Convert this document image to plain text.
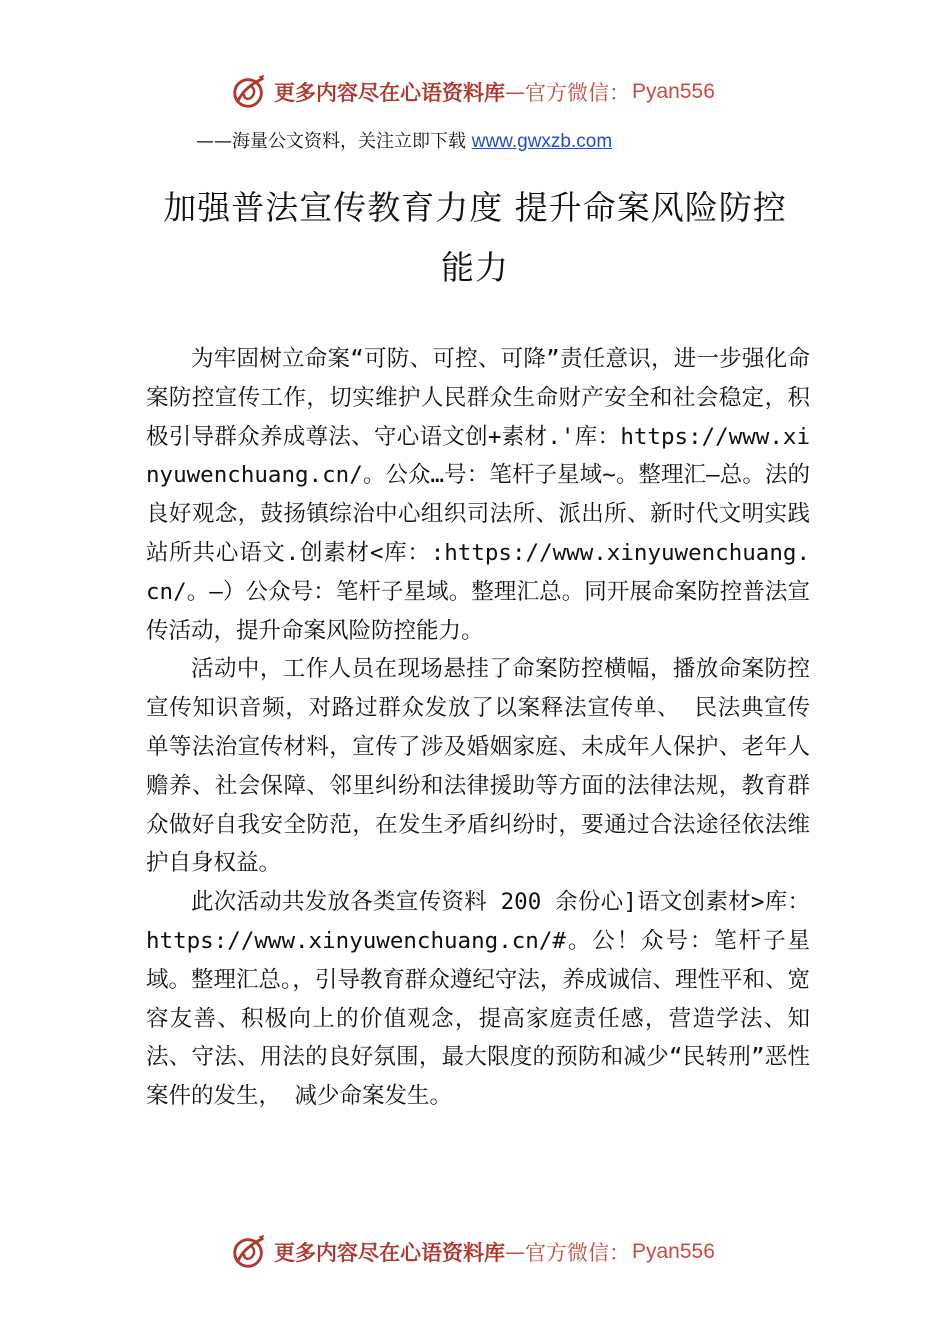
更多内容尽在心语资料库 — 官方微信： Pyan556
——海量公文资料，关注立即下载 www.gwxzb.com
加强普法宣传教育力度 提升命案风险防控
能力

为牢固树立命案“可防、可控、可降”责任意识，进一步强化命案防控宣传工作，切实维护人民群众生命财产安全和社会稳定，积极引导群众养成尊法、守心语文创+素材.'库：https://www.xinyuwenchuang.cn/。公众…号：笔杆子星域~。整理汇—总。法的良好观念，鼓扬镇综治中心组织司法所、派出所、新时代文明实践站所共心语文.创素材<库：:https://www.xinyuwenchuang.cn/。—）公众号：笔杆子星域。整理汇总。同开展命案防控普法宣传活动，提升命案风险防控能力。

活动中，工作人员在现场悬挂了命案防控横幅，播放命案防控宣传知识音频，对路过群众发放了以案释法宣传单、 民法典宣传单等法治宣传材料，宣传了涉及婚姻家庭、未成年人保护、老年人赡养、社会保障、邻里纠纷和法律援助等方面的法律法规，教育群众做好自我安全防范，在发生矛盾纠纷时，要通过合法途径依法维护自身权益。

此次活动共发放各类宣传资料 200 余份心]语文创素材>库：https://www.xinyuwenchuang.cn/#。公！众号：笔杆子星域。整理汇总。，引导教育群众遵纪守法，养成诚信、理性平和、宽容友善、积极向上的价值观念，提高家庭责任感，营造学法、知法、守法、用法的良好氛围，最大限度的预防和减少“民转刑”恶性案件的发生， 减少命案发生。

更多内容尽在心语资料库 — 官方微信： Pyan556
